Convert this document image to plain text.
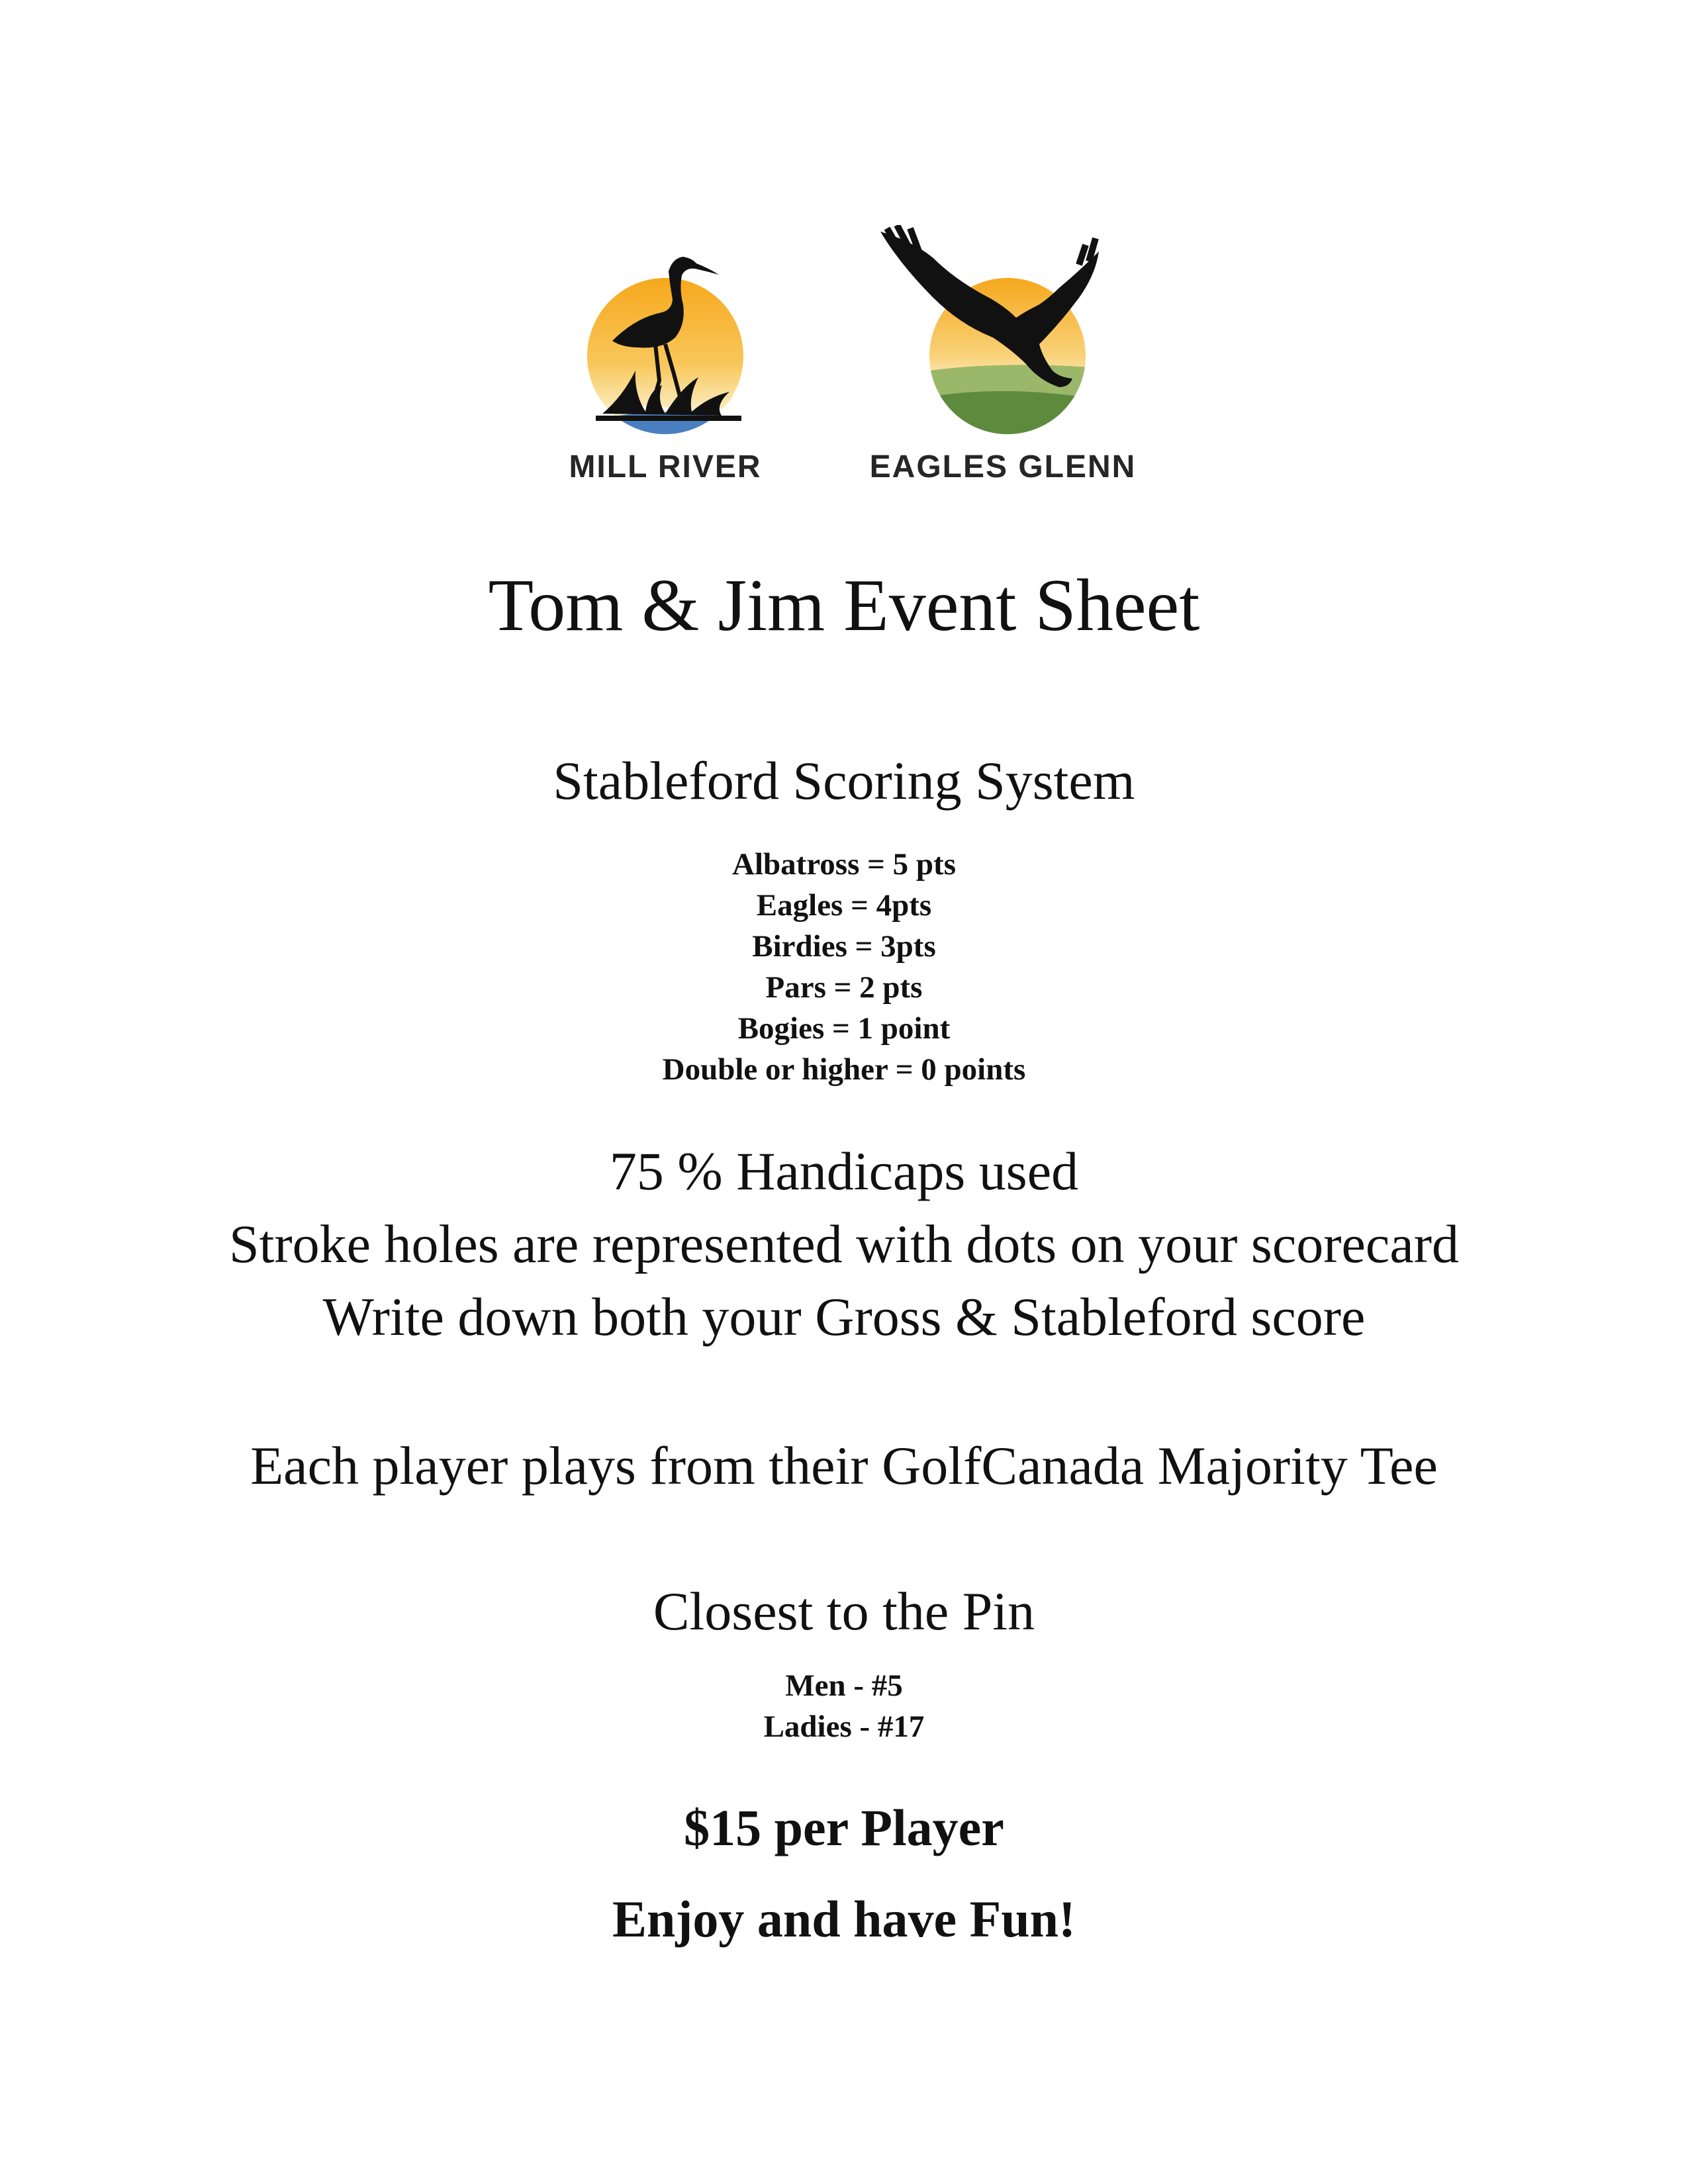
MILL RIVER	EAGLES GLENN
Tom & Jim Event Sheet
Stableford Scoring System
Albatross = 5 pts
Eagles = 4pts
Birdies = 3pts
Pars = 2 pts
Bogies = 1 point
Double or higher = 0 points
75 % Handicaps used
Stroke holes are represented with dots on your scorecard
Write down both your Gross & Stableford score
Each player plays from their GolfCanada Majority Tee
Closest to the Pin
Men - #5
Ladies - #17
$15 per Player
Enjoy and have Fun!
